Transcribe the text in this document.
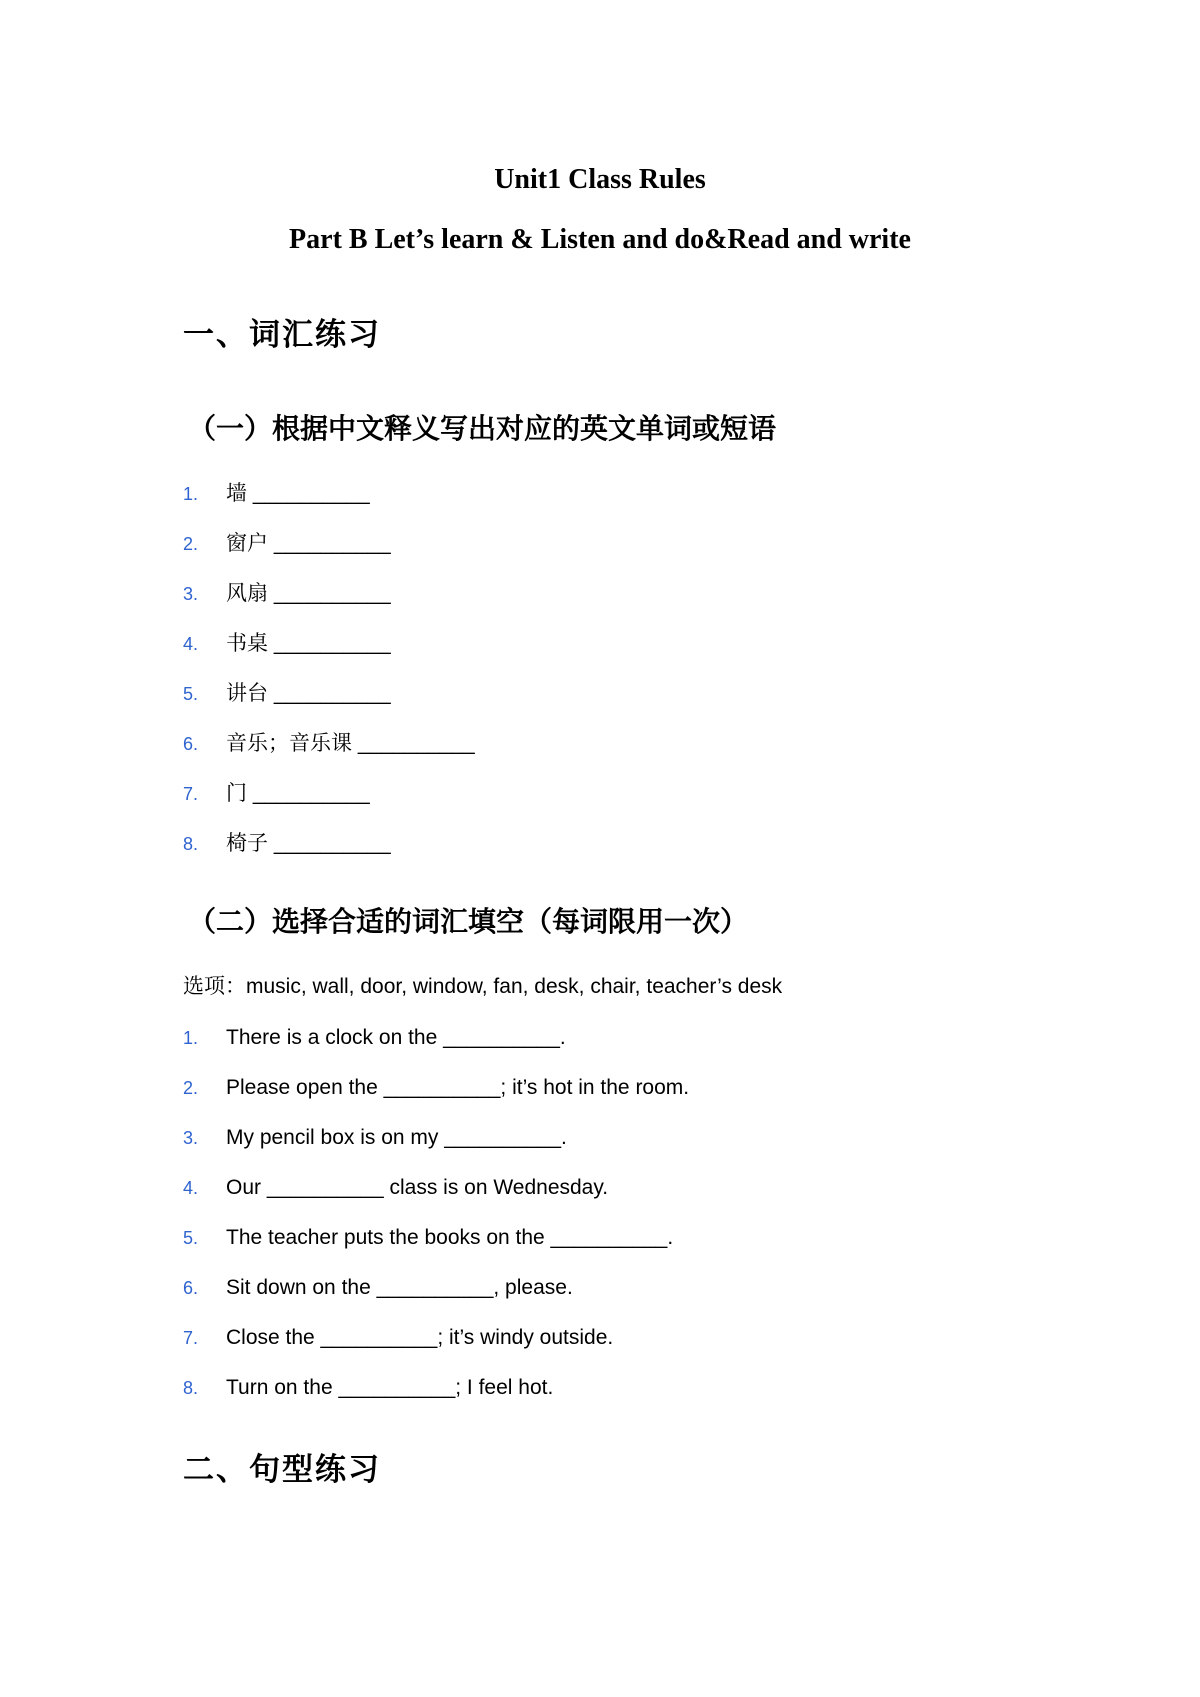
Unit1 Class Rules
Part B Let’s learn & Listen and do&Read and write
一、词汇练习
（一）根据中文释义写出对应的英文单词或短语
1. 墙 __________
2. 窗户 __________
3. 风扇 __________
4. 书桌 __________
5. 讲台 __________
6. 音乐；音乐课 __________
7. 门 __________
8. 椅子 __________
（二）选择合适的词汇填空（每词限用一次）
选项：music, wall, door, window, fan, desk, chair, teacher’s desk
1. There is a clock on the __________.
2. Please open the __________; it’s hot in the room.
3. My pencil box is on my __________.
4. Our __________ class is on Wednesday.
5. The teacher puts the books on the __________.
6. Sit down on the __________, please.
7. Close the __________; it’s windy outside.
8. Turn on the __________; I feel hot.
二、句型练习
